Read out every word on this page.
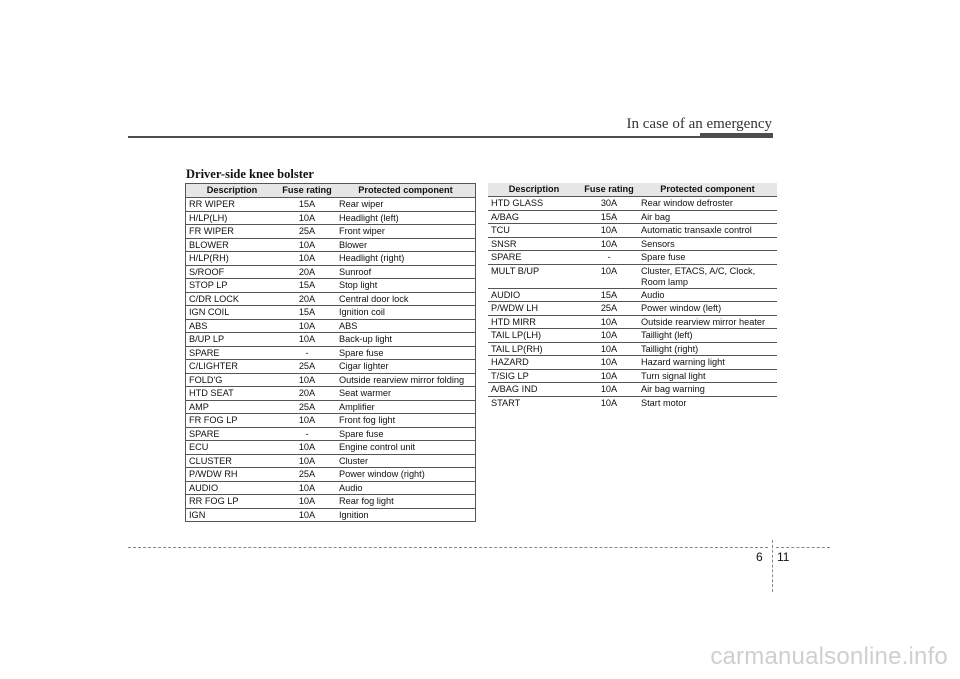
In case of an emergency
Driver-side knee bolster
Description	Fuse rating	Protected component
RR WIPER	15A	Rear wiper

H/LP(LH)	10A	Headlight (left)

FR WIPER	25A	Front wiper

BLOWER	10A	Blower

H/LP(RH)	10A	Headlight (right)

S/ROOF	20A	Sunroof

STOP LP	15A	Stop light

C/DR LOCK	20A	Central door lock

IGN COIL	15A	Ignition coil

ABS	10A	ABS

B/UP LP	10A	Back-up light

SPARE	-	Spare fuse

C/LIGHTER	25A	Cigar lighter

FOLD'G	10A	Outside rearview mirror folding

HTD SEAT	20A	Seat warmer

AMP	25A	Amplifier

FR FOG LP	10A	Front fog light

SPARE	-	Spare fuse

ECU	10A	Engine control unit

CLUSTER	10A	Cluster

P/WDW RH	25A	Power window (right)

AUDIO	10A	Audio

RR FOG LP	10A	Rear fog light

IGN	10A	Ignition
Description	Fuse rating	Protected component
HTD GLASS	30A	Rear window defroster

A/BAG	15A	Air bag

TCU	10A	Automatic transaxle control

SNSR	10A	Sensors

SPARE	-	Spare fuse

MULT B/UP	10A	Cluster, ETACS, A/C, Clock,
Room lamp

AUDIO	15A	Audio

P/WDW LH	25A	Power window (left)

HTD MIRR	10A	Outside rearview mirror heater

TAIL LP(LH)	10A	Taillight (left)

TAIL LP(RH)	10A	Taillight (right)

HAZARD	10A	Hazard warning light

T/SIG LP	10A	Turn signal light

A/BAG IND	10A	Air bag warning

START	10A	Start motor
6 11
carmanualsonline.info
